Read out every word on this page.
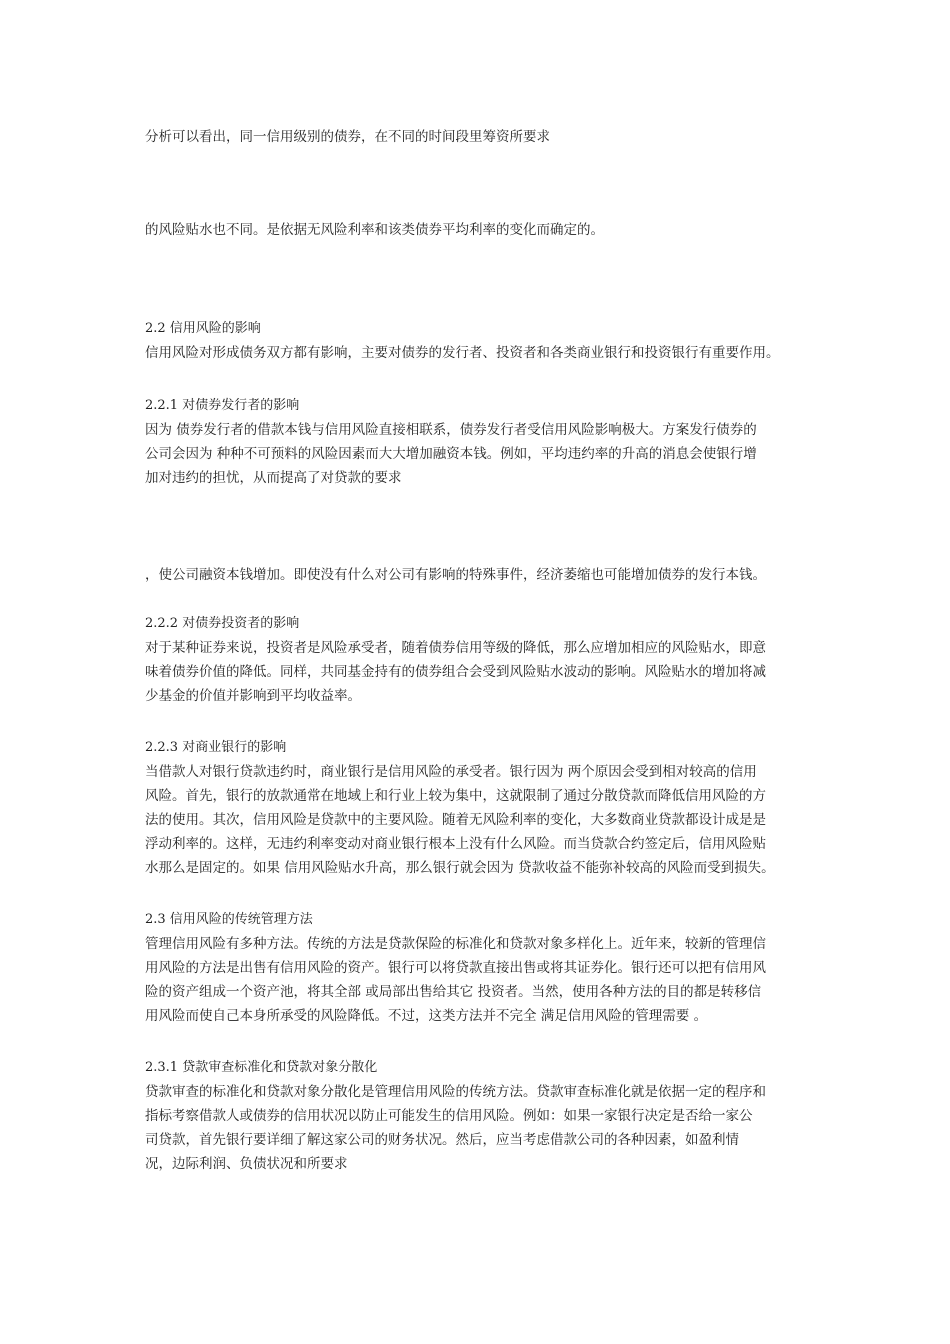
分析可以看出，同一信用级别的债券，在不同的时间段里筹资所要求

的风险贴水也不同。是依据无风险利率和该类债券平均利率的变化而确定的。

2.2 信用风险的影响

信用风险对形成债务双方都有影响，主要对债券的发行者、投资者和各类商业银行和投资银行有重要作用。

2.2.1 对债券发行者的影响

因为 债券发行者的借款本钱与信用风险直接相联系，债券发行者受信用风险影响极大。方案发行债券的

公司会因为 种种不可预料的风险因素而大大增加融资本钱。例如，平均违约率的升高的消息会使银行增

加对违约的担忧，从而提高了对贷款的要求

，使公司融资本钱增加。即使没有什么对公司有影响的特殊事件，经济萎缩也可能增加债券的发行本钱。

2.2.2 对债券投资者的影响

对于某种证券来说，投资者是风险承受者，随着债券信用等级的降低，那么应增加相应的风险贴水，即意

味着债券价值的降低。同样，共同基金持有的债券组合会受到风险贴水波动的影响。风险贴水的增加将减

少基金的价值并影响到平均收益率。

2.2.3 对商业银行的影响

当借款人对银行贷款违约时，商业银行是信用风险的承受者。银行因为 两个原因会受到相对较高的信用

风险。首先，银行的放款通常在地域上和行业上较为集中，这就限制了通过分散贷款而降低信用风险的方

法的使用。其次，信用风险是贷款中的主要风险。随着无风险利率的变化，大多数商业贷款都设计成是是

浮动利率的。这样，无违约利率变动对商业银行根本上没有什么风险。而当贷款合约签定后，信用风险贴

水那么是固定的。如果 信用风险贴水升高，那么银行就会因为 贷款收益不能弥补较高的风险而受到损失。

2.3 信用风险的传统管理方法

管理信用风险有多种方法。传统的方法是贷款保险的标准化和贷款对象多样化上。近年来，较新的管理信

用风险的方法是出售有信用风险的资产。银行可以将贷款直接出售或将其证券化。银行还可以把有信用风

险的资产组成一个资产池，将其全部 或局部出售给其它 投资者。当然，使用各种方法的目的都是转移信

用风险而使自己本身所承受的风险降低。不过，这类方法并不完全 满足信用风险的管理需要 。

2.3.1 贷款审查标准化和贷款对象分散化

贷款审查的标准化和贷款对象分散化是管理信用风险的传统方法。贷款审查标准化就是依据一定的程序和

指标考察借款人或债券的信用状况以防止可能发生的信用风险。例如：如果一家银行决定是否给一家公

司贷款，首先银行要详细了解这家公司的财务状况。然后，应当考虑借款公司的各种因素，如盈利情

况，边际利润、负债状况和所要求
